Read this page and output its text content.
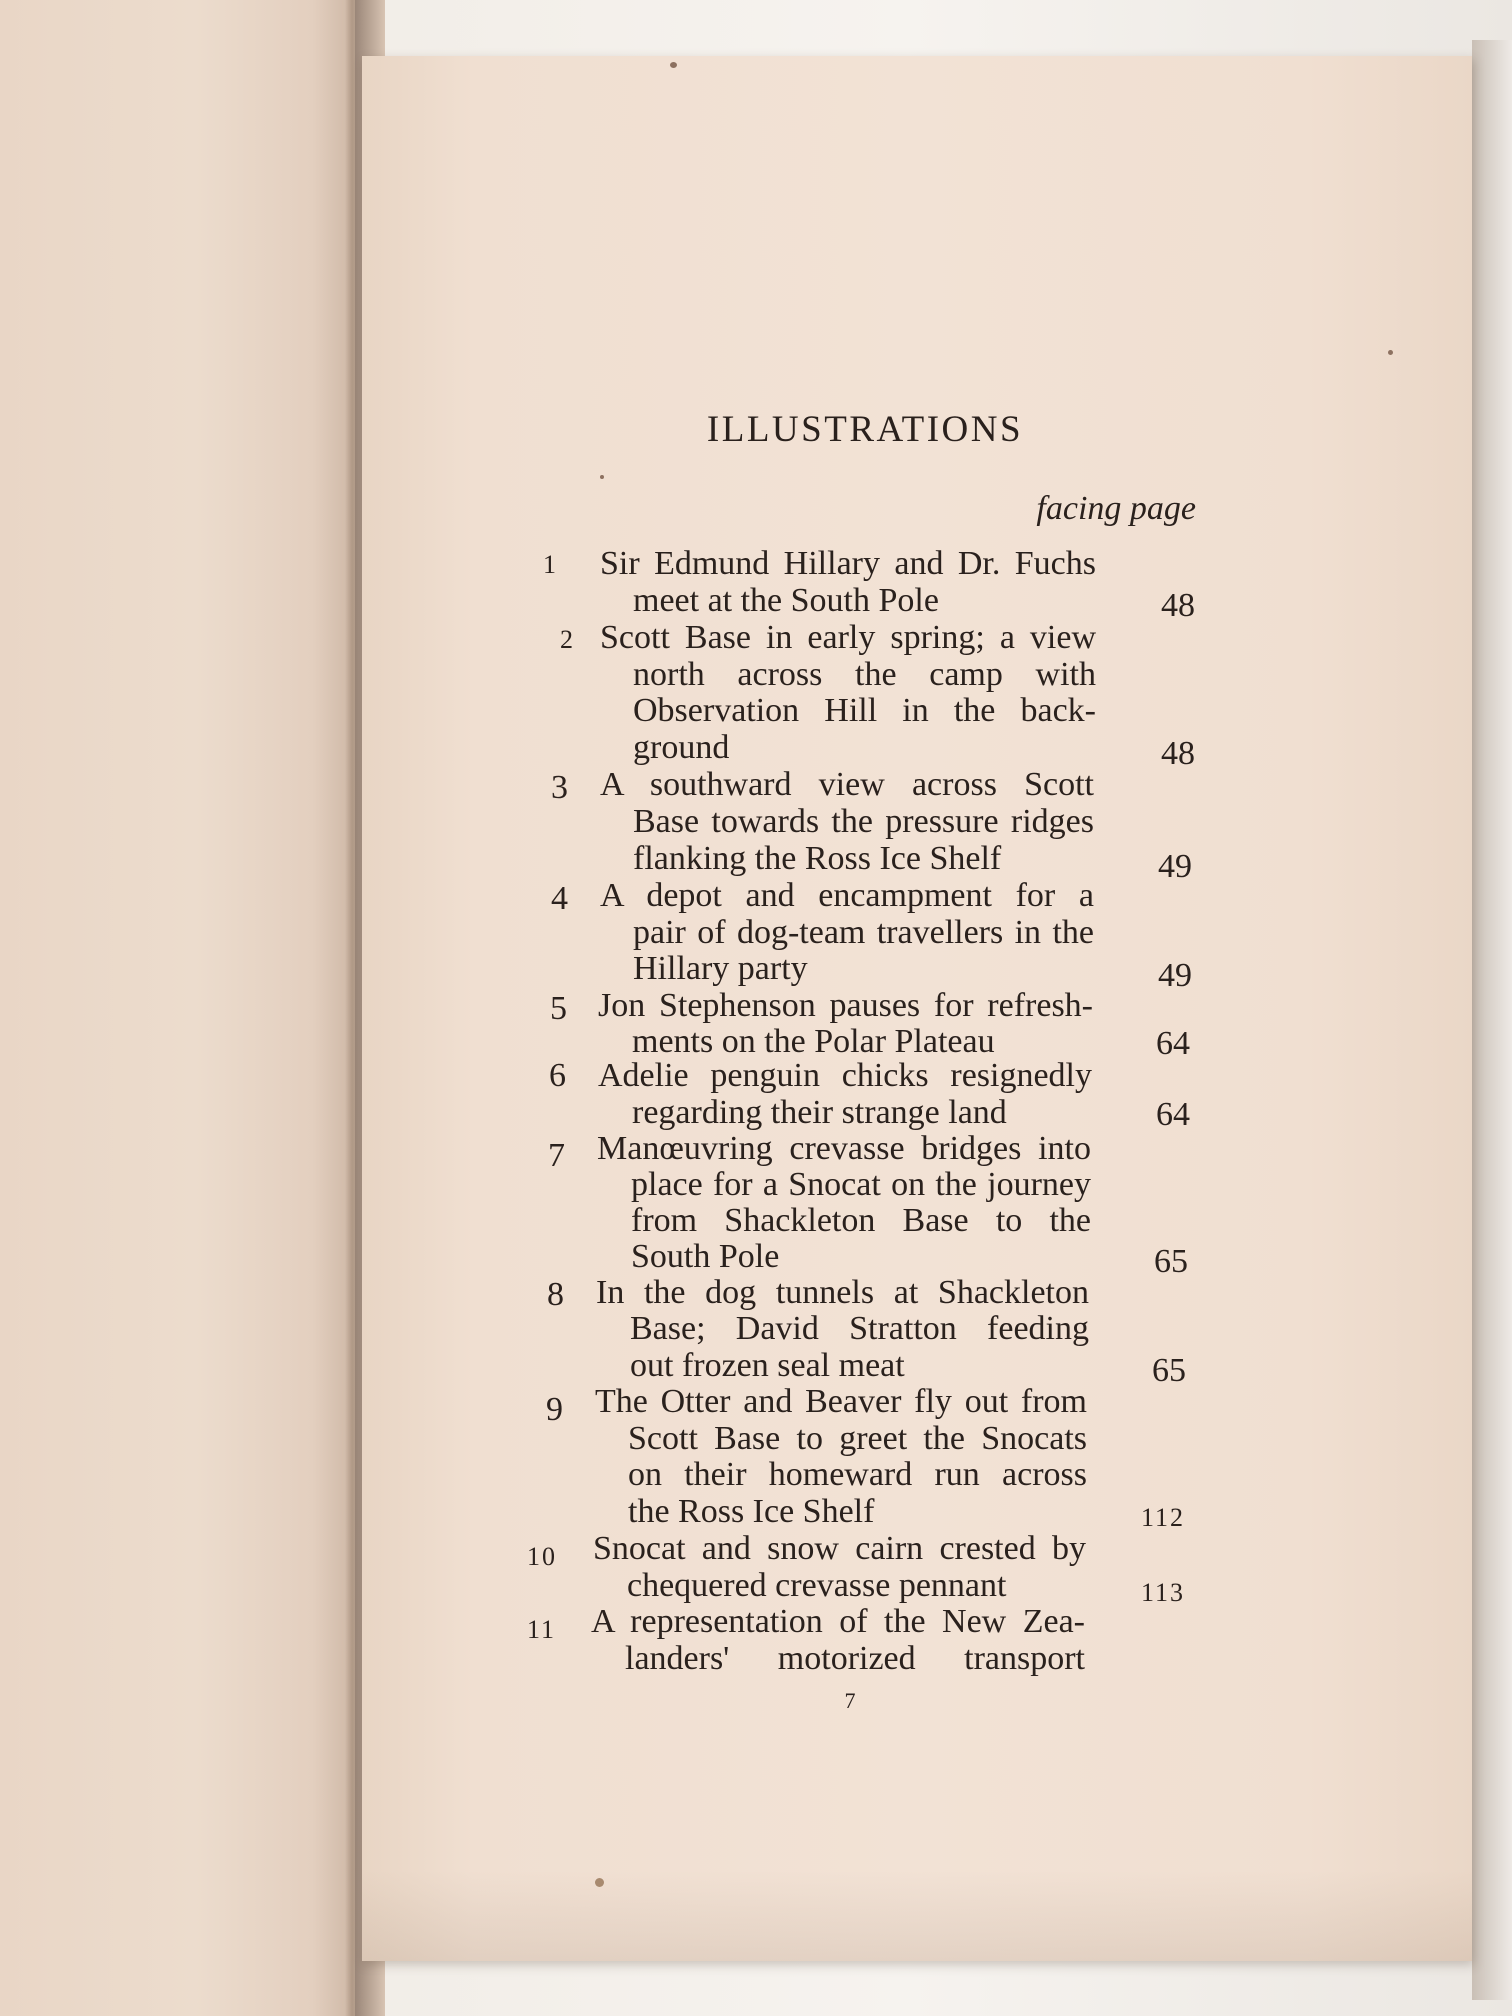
ILLUSTRATIONS
facing page
1 Sir Edmund Hillary and Dr. Fuchs
meet at the South Pole	48
2 Scott Base in early spring; a view
north across the camp with
Observation Hill in the back-
ground	48
3 A southward view across Scott
Base towards the pressure ridges
flanking the Ross Ice Shelf	49
4 A depot and encampment for a
pair of dog-team travellers in the
Hillary party	49
5 Jon Stephenson pauses for refresh-
ments on the Polar Plateau	64
6 Adelie penguin chicks resignedly
regarding their strange land	64
7 Manœuvring crevasse bridges into
place for a Snocat on the journey
from Shackleton Base to the
South Pole	65
8 In the dog tunnels at Shackleton
Base; David Stratton feeding
out frozen seal meat	65
9 The Otter and Beaver fly out from
Scott Base to greet the Snocats
on their homeward run across
the Ross Ice Shelf	112
10 Snocat and snow cairn crested by
chequered crevasse pennant	113
11 A representation of the New Zea-
landers' motorized transport
7
